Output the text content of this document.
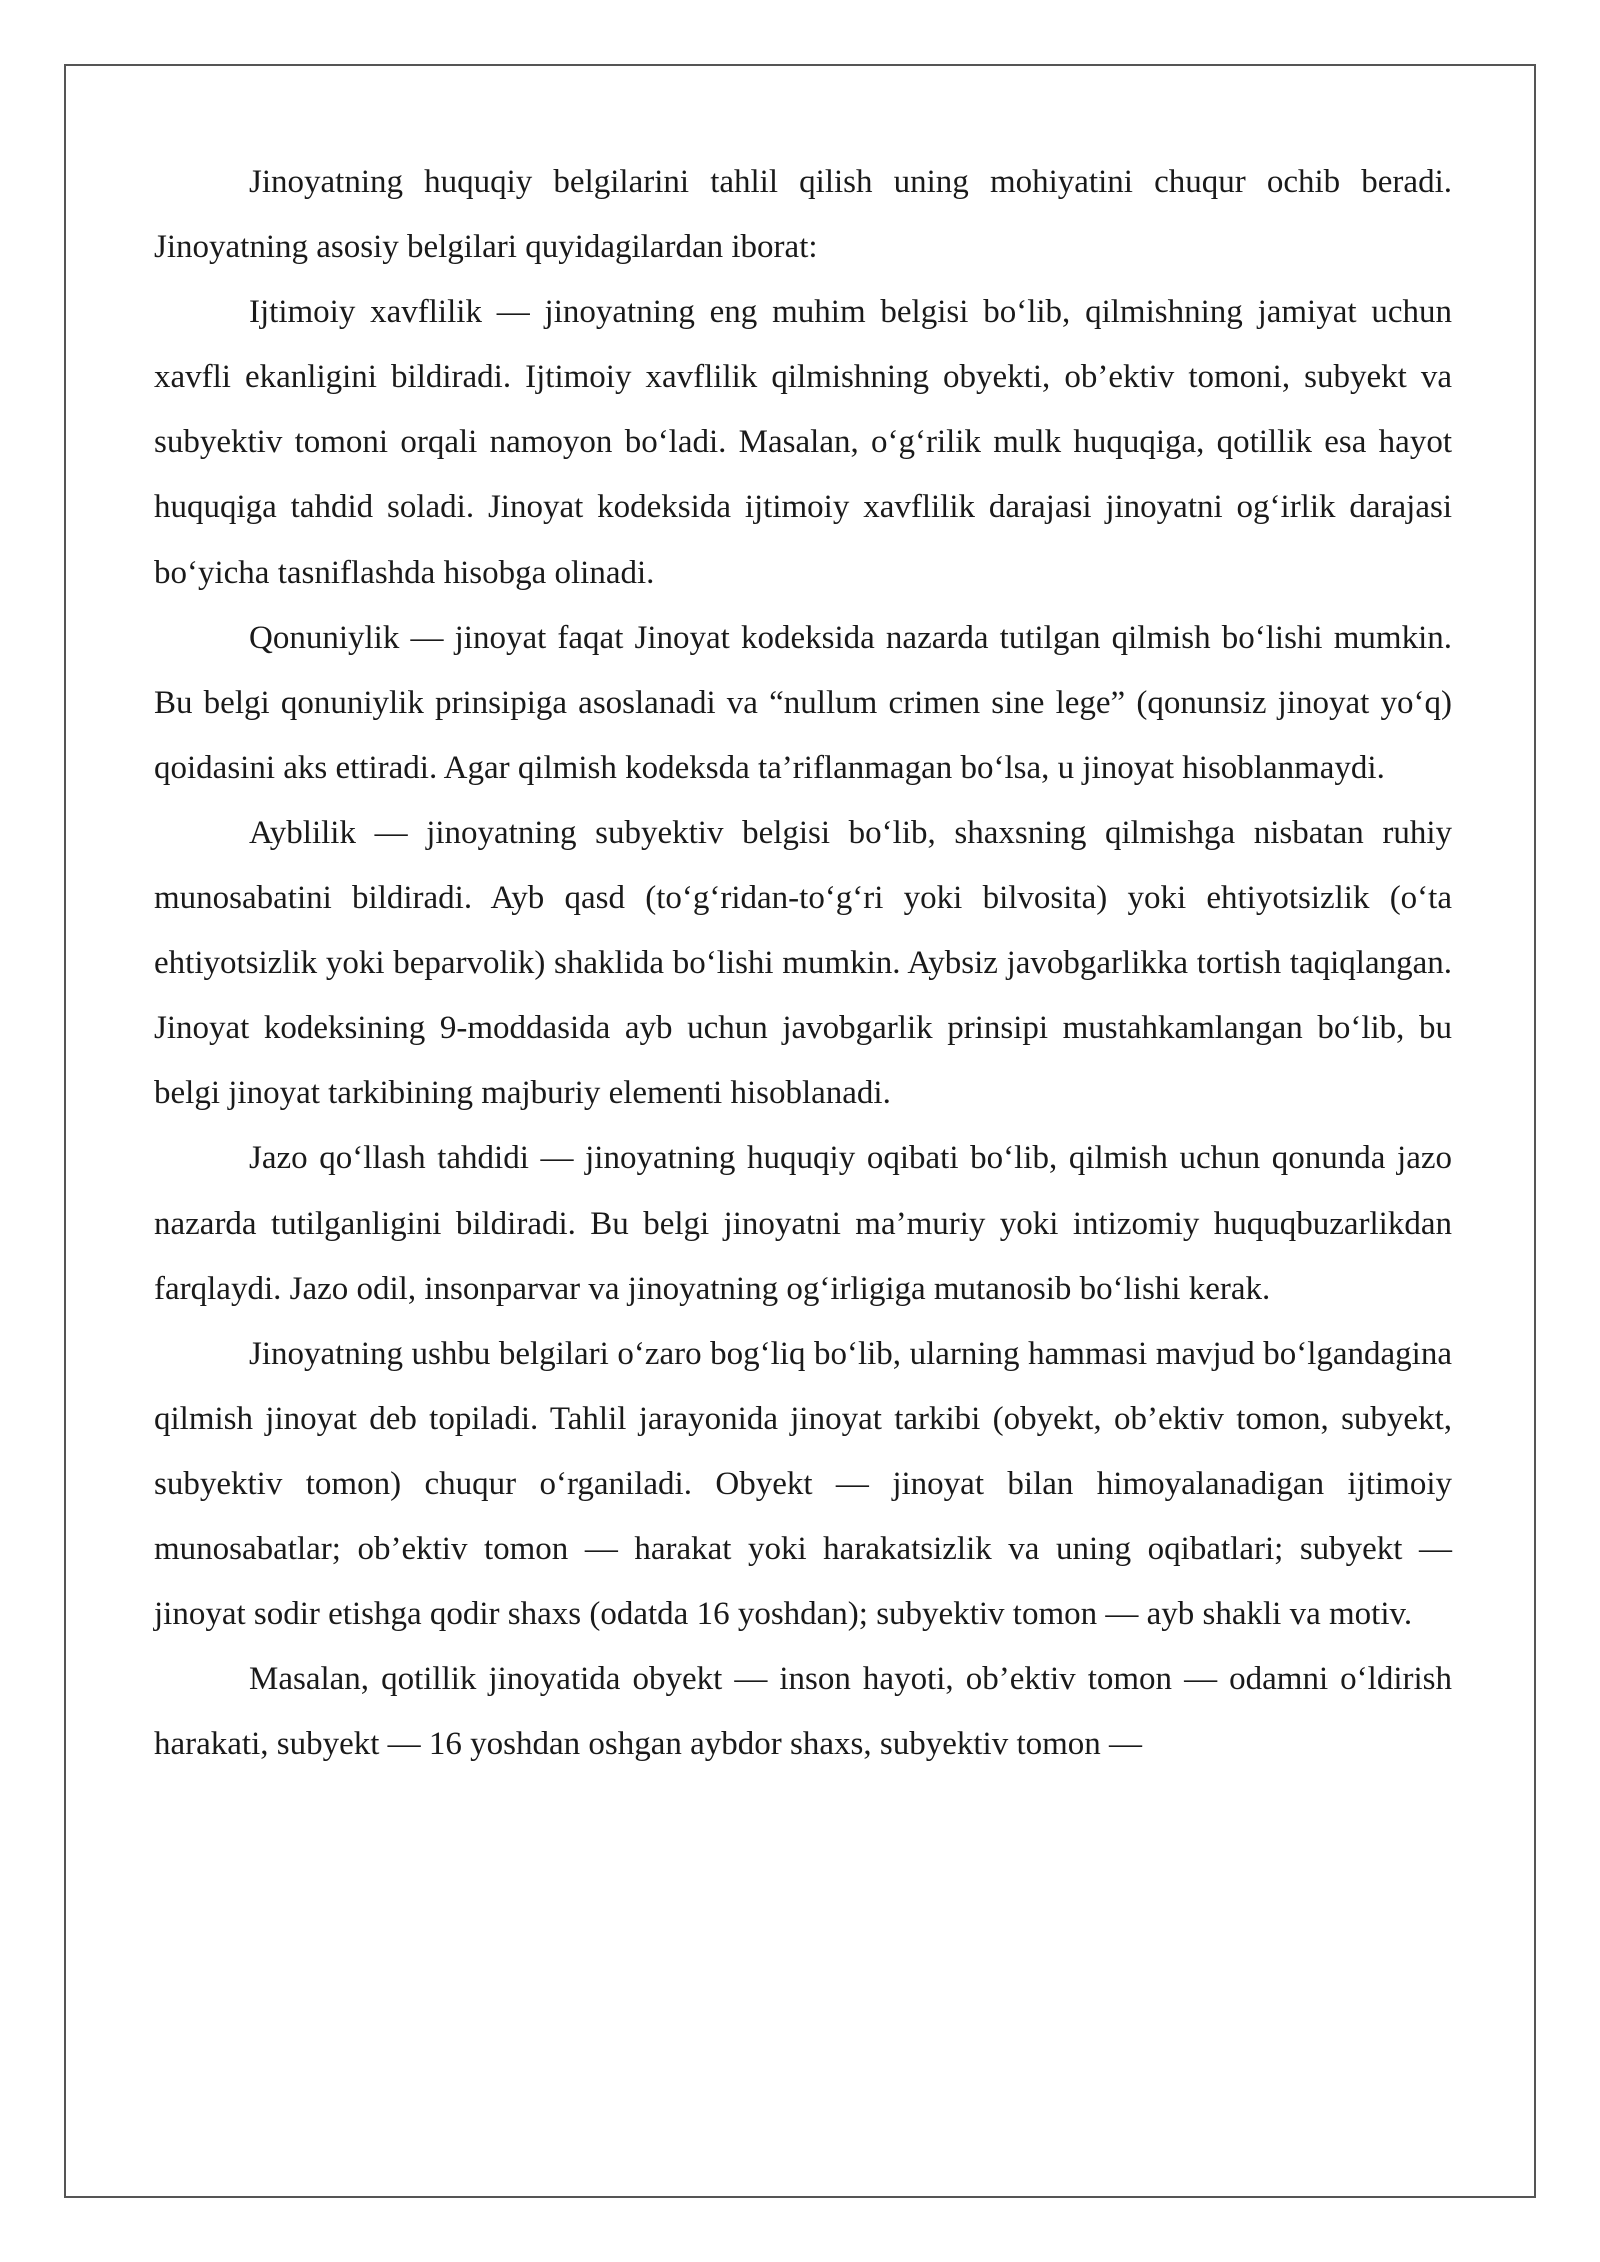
Jinoyatning huquqiy belgilarini tahlil qilish uning mohiyatini chuqur ochib beradi. Jinoyatning asosiy belgilari quyidagilardan iborat:

Ijtimoiy xavflilik — jinoyatning eng muhim belgisi bo‘lib, qilmishning jamiyat uchun xavfli ekanligini bildiradi. Ijtimoiy xavflilik qilmishning obyekti, ob’ektiv tomoni, subyekt va subyektiv tomoni orqali namoyon bo‘ladi. Masalan, o‘g‘rilik mulk huquqiga, qotillik esa hayot huquqiga tahdid soladi. Jinoyat kodeksida ijtimoiy xavflilik darajasi jinoyatni og‘irlik darajasi bo‘yicha tasniflashda hisobga olinadi.

Qonuniylik — jinoyat faqat Jinoyat kodeksida nazarda tutilgan qilmish bo‘lishi mumkin. Bu belgi qonuniylik prinsipiga asoslanadi va “nullum crimen sine lege” (qonunsiz jinoyat yo‘q) qoidasini aks ettiradi. Agar qilmish kodeksda ta’riflanmagan bo‘lsa, u jinoyat hisoblanmaydi.

Ayblilik — jinoyatning subyektiv belgisi bo‘lib, shaxsning qilmishga nisbatan ruhiy munosabatini bildiradi. Ayb qasd (to‘g‘ridan-to‘g‘ri yoki bilvosita) yoki ehtiyotsizlik (o‘ta ehtiyotsizlik yoki beparvolik) shaklida bo‘lishi mumkin. Aybsiz javobgarlikka tortish taqiqlangan. Jinoyat kodeksining 9-moddasida ayb uchun javobgarlik prinsipi mustahkamlangan bo‘lib, bu belgi jinoyat tarkibining majburiy elementi hisoblanadi.

Jazo qo‘llash tahdidi — jinoyatning huquqiy oqibati bo‘lib, qilmish uchun qonunda jazo nazarda tutilganligini bildiradi. Bu belgi jinoyatni ma’muriy yoki intizomiy huquqbuzarlikdan farqlaydi. Jazo odil, insonparvar va jinoyatning og‘irligiga mutanosib bo‘lishi kerak.

Jinoyatning ushbu belgilari o‘zaro bog‘liq bo‘lib, ularning hammasi mavjud bo‘lgandagina qilmish jinoyat deb topiladi. Tahlil jarayonida jinoyat tarkibi (obyekt, ob’ektiv tomon, subyekt, subyektiv tomon) chuqur o‘rganiladi. Obyekt — jinoyat bilan himoyalanadigan ijtimoiy munosabatlar; ob’ektiv tomon — harakat yoki harakatsizlik va uning oqibatlari; subyekt — jinoyat sodir etishga qodir shaxs (odatda 16 yoshdan); subyektiv tomon — ayb shakli va motiv.

Masalan, qotillik jinoyatida obyekt — inson hayoti, ob’ektiv tomon — odamni o‘ldirish harakati, subyekt — 16 yoshdan oshgan aybdor shaxs, subyektiv tomon —
